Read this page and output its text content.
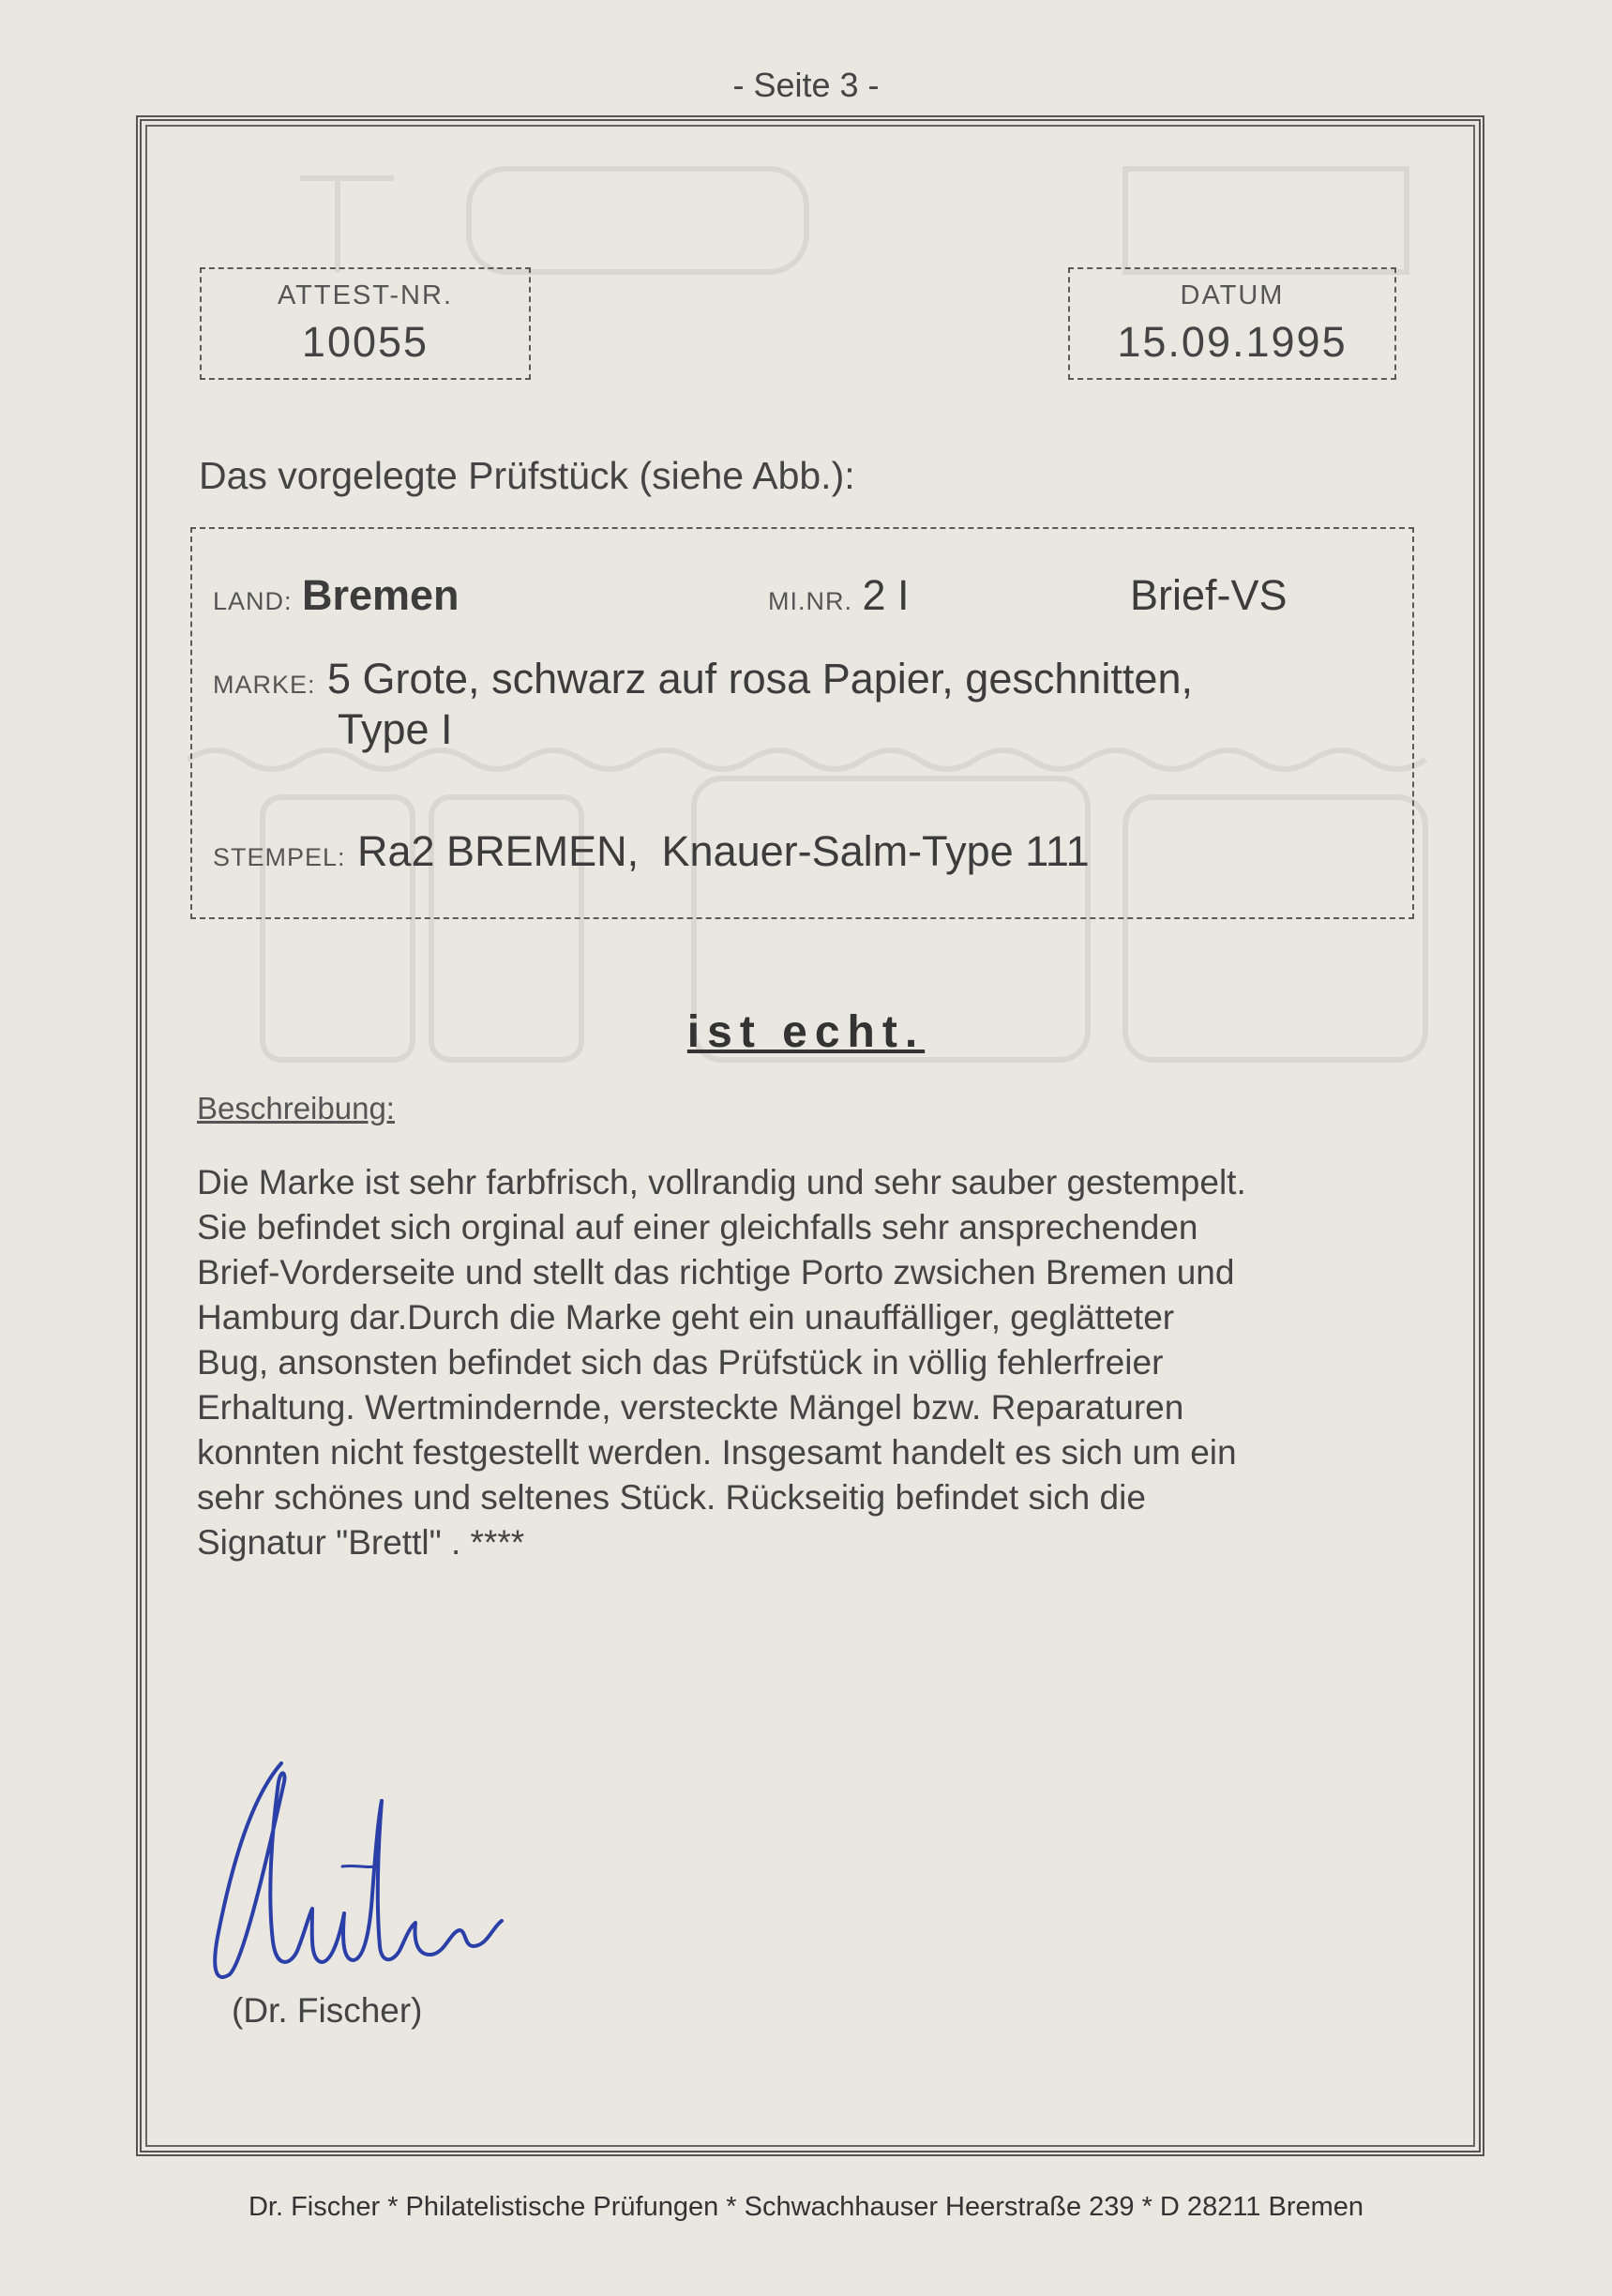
- Seite 3 -
ATTEST-NR.
10055
DATUM
15.09.1995
Das vorgelegte Prüfstück (siehe Abb.):
LAND: Bremen	MI.NR. 2 I	Brief-VS
MARKE: 5 Grote, schwarz auf rosa Papier, geschnitten,
Type I
STEMPEL: Ra2 BREMEN, Knauer-Salm-Type 111
ist echt.
Beschreibung:
Die Marke ist sehr farbfrisch, vollrandig und sehr sauber gestempelt.
Sie befindet sich orginal auf einer gleichfalls sehr ansprechenden
Brief-Vorderseite und stellt das richtige Porto zwsichen Bremen und
Hamburg dar.Durch die Marke geht ein unauffälliger, geglätteter
Bug, ansonsten befindet sich das Prüfstück in völlig fehlerfreier
Erhaltung. Wertmindernde, versteckte Mängel bzw. Reparaturen
konnten nicht festgestellt werden. Insgesamt handelt es sich um ein
sehr schönes und seltenes Stück. Rückseitig befindet sich die
Signatur "Brettl" . ****
(Dr. Fischer)
Dr. Fischer * Philatelistische Prüfungen * Schwachhauser Heerstraße 239 * D 28211 Bremen
